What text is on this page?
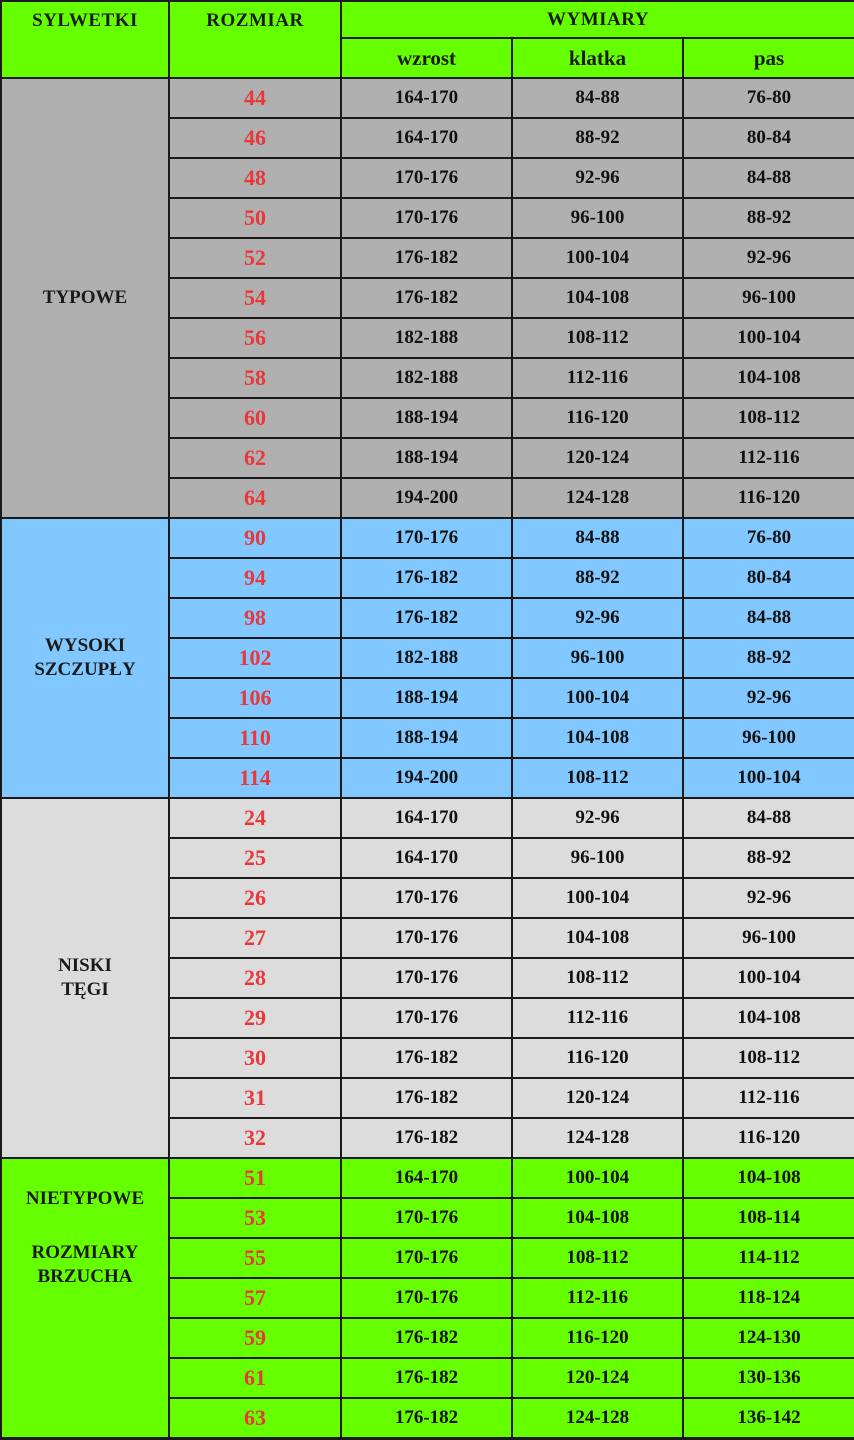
SYLWETKI	ROZMIAR	WYMIARY		
		wzrost	klatka	pas

TYPOWE	44	164-170	84-88	76-80
	46	164-170	88-92	80-84
	48	170-176	92-96	84-88
	50	170-176	96-100	88-92
	52	176-182	100-104	92-96
	54	176-182	104-108	96-100
	56	182-188	108-112	100-104
	58	182-188	112-116	104-108
	60	188-194	116-120	108-112
	62	188-194	120-124	112-116
	64	194-200	124-128	116-120

WYSOKI
SZCZUPŁY	90	170-176	84-88	76-80
	94	176-182	88-92	80-84
	98	176-182	92-96	84-88
	102	182-188	96-100	88-92
	106	188-194	100-104	92-96
	110	188-194	104-108	96-100
	114	194-200	108-112	100-104

NISKI
TĘGI	24	164-170	92-96	84-88
	25	164-170	96-100	88-92
	26	170-176	100-104	92-96
	27	170-176	104-108	96-100
	28	170-176	108-112	100-104
	29	170-176	112-116	104-108
	30	176-182	116-120	108-112
	31	176-182	120-124	112-116
	32	176-182	124-128	116-120

NIETYPOWE
ROZMIARY
BRZUCHA	51	164-170	100-104	104-108
	53	170-176	104-108	108-114
	55	170-176	108-112	114-112
	57	170-176	112-116	118-124
	59	176-182	116-120	124-130
	61	176-182	120-124	130-136
	63	176-182	124-128	136-142
